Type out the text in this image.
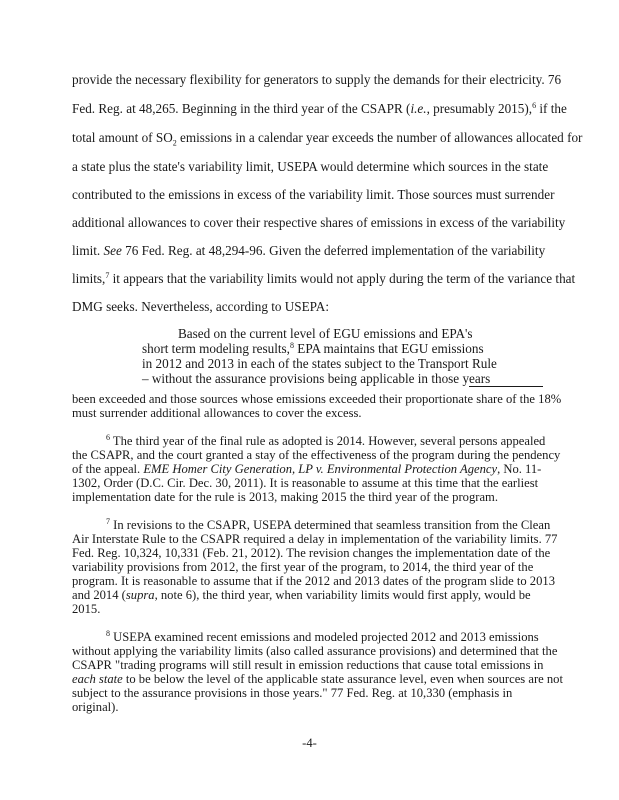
provide the necessary flexibility for generators to supply the demands for their electricity. 76
Fed. Reg. at 48,265. Beginning in the third year of the CSAPR (i.e., presumably 2015),$^6$ if the
total amount of $SO_2$ emissions in a calendar year exceeds the number of allowances allocated for
a state plus the state's variability limit, USEPA would determine which sources in the state
contributed to the emissions in excess of the variability limit. Those sources must surrender
additional allowances to cover their respective shares of emissions in excess of the variability
limit. See 76 Fed. Reg. at 48,294-96. Given the deferred implementation of the variability
limits,$^7$ it appears that the variability limits would not apply during the term of the variance that
DMG seeks. Nevertheless, according to USEPA:
Based on the current level of EGU emissions and EPA's
short term modeling results,$^8$ EPA maintains that EGU emissions
in 2012 and 2013 in each of the states subject to the Transport Rule
– without the assurance provisions being applicable in those years
been exceeded and those sources whose emissions exceeded their proportionate share of the 18%
must surrender additional allowances to cover the excess.
$^6$ The third year of the final rule as adopted is 2014. However, several persons appealed
the CSAPR, and the court granted a stay of the effectiveness of the program during the pendency
of the appeal. EME Homer City Generation, LP v. Environmental Protection Agency, No. 11-
1302, Order (D.C. Cir. Dec. 30, 2011). It is reasonable to assume at this time that the earliest
implementation date for the rule is 2013, making 2015 the third year of the program.
$^7$ In revisions to the CSAPR, USEPA determined that seamless transition from the Clean
Air Interstate Rule to the CSAPR required a delay in implementation of the variability limits. 77
Fed. Reg. 10,324, 10,331 (Feb. 21, 2012). The revision changes the implementation date of the
variability provisions from 2012, the first year of the program, to 2014, the third year of the
program. It is reasonable to assume that if the 2012 and 2013 dates of the program slide to 2013
and 2014 (supra, note 6), the third year, when variability limits would first apply, would be
2015.
$^8$ USEPA examined recent emissions and modeled projected 2012 and 2013 emissions
without applying the variability limits (also called assurance provisions) and determined that the
CSAPR "trading programs will still result in emission reductions that cause total emissions in
each state to be below the level of the applicable state assurance level, even when sources are not
subject to the assurance provisions in those years." 77 Fed. Reg. at 10,330 (emphasis in
original).
-4-
